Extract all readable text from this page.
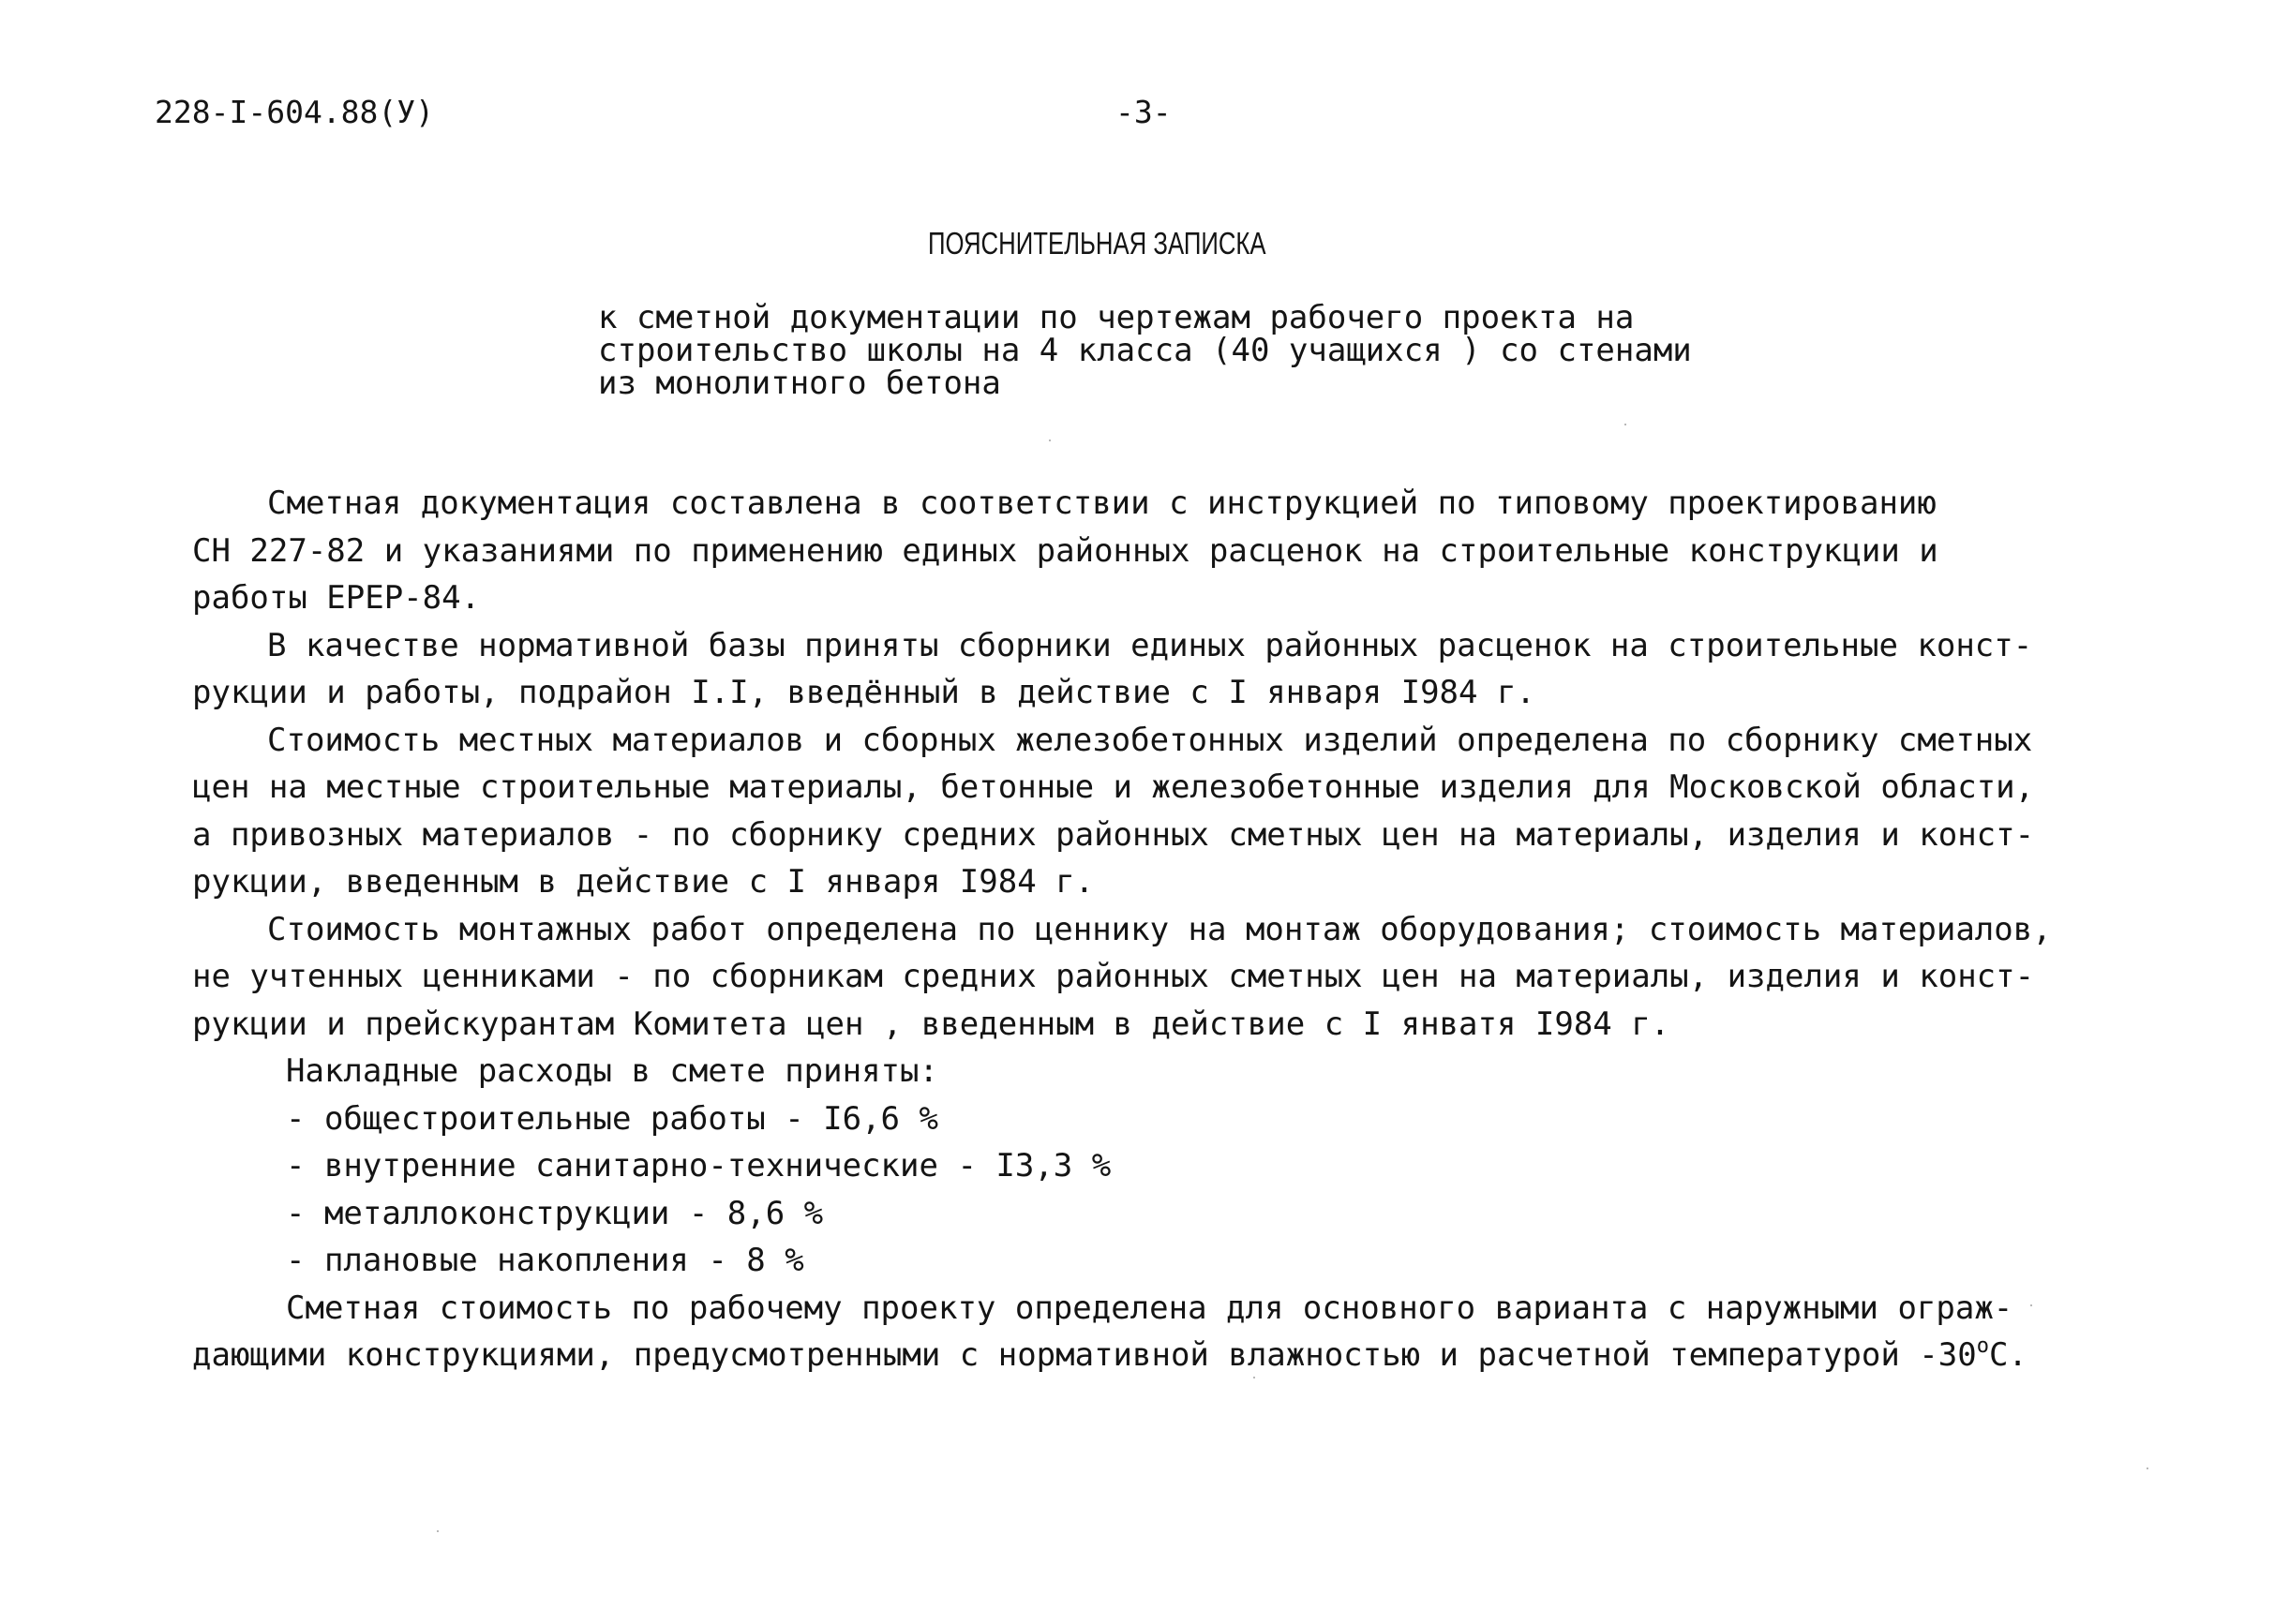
228-I-604.88(У)	-3-
ПОЯСНИТЕЛЬНАЯ ЗАПИСКА
к сметной документации по чертежам рабочего проекта на
строительство школы на 4 класса (40 учащихся ) со стенами
из монолитного бетона
Сметная документация составлена в соответствии с инструкцией по типовому проектированию
СН 227-82 и указаниями по применению единых районных расценок на строительные конструкции и
работы ЕРЕР-84.
В качестве нормативной базы приняты сборники единых районных расценок на строительные конст-
рукции и работы, подрайон I.I, введённый в действие с I января I984 г.
Стоимость местных материалов и сборных железобетонных изделий определена по сборнику сметных
цен на местные строительные материалы, бетонные и железобетонные изделия для Московской области,
а привозных материалов - по сборнику средних районных сметных цен на материалы, изделия и конст-
рукции, введенным в действие с I января I984 г.
Стоимость монтажных работ определена по ценнику на монтаж оборудования; стоимость материалов,
не учтенных ценниками - по сборникам средних районных сметных цен на материалы, изделия и конст-
рукции и прейскурантам Комитета цен , введенным в действие с I янватя I984 г.
Накладные расходы в смете приняты:
- общестроительные работы - I6,6 %
- внутренние санитарно-технические - I3,3 %
- металлоконструкции - 8,6 %
- плановые накопления - 8 %
Сметная стоимость по рабочему проекту определена для основного варианта с наружными ограж-
дающими конструкциями, предусмотренными с нормативной влажностью и расчетной температурой $-30^оС$.
